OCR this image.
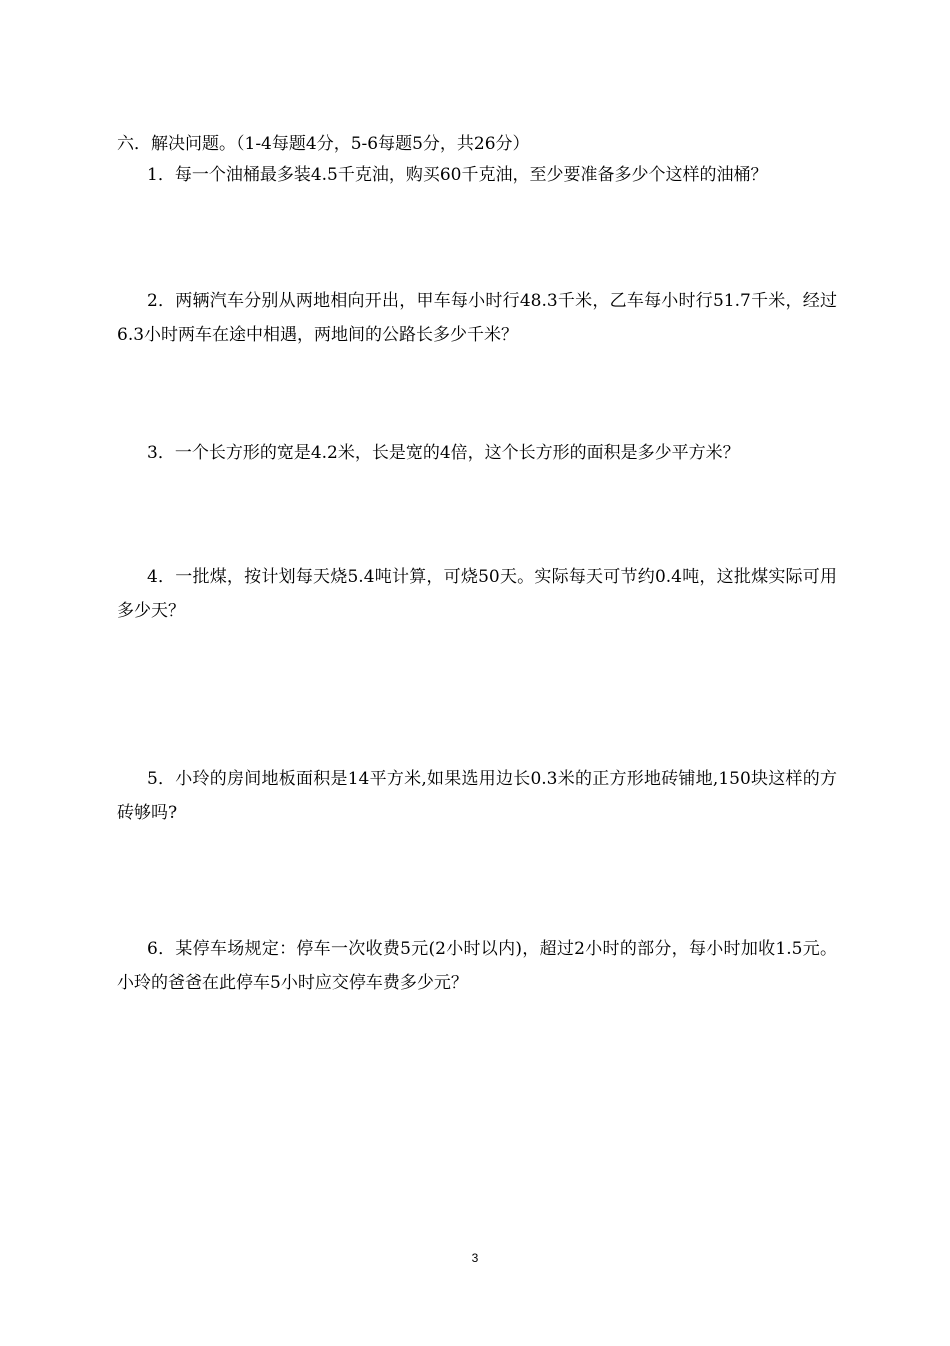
六．解决问题。（1-4每题4分，5-6每题5分，共26分）

1．每一个油桶最多装4.5千克油，购买60千克油，至少要准备多少个这样的油桶？

2．两辆汽车分别从两地相向开出，甲车每小时行48.3千米，乙车每小时行51.7千米，经过6.3小时两车在途中相遇，两地间的公路长多少千米？

3．一个长方形的宽是4.2米，长是宽的4倍，这个长方形的面积是多少平方米？

4．一批煤，按计划每天烧5.4吨计算，可烧50天。实际每天可节约0.4吨，这批煤实际可用多少天？

5．小玲的房间地板面积是14平方米,如果选用边长0.3米的正方形地砖铺地,150块这样的方砖够吗?

6．某停车场规定：停车一次收费5元(2小时以内)，超过2小时的部分，每小时加收1.5元。小玲的爸爸在此停车5小时应交停车费多少元？

3
